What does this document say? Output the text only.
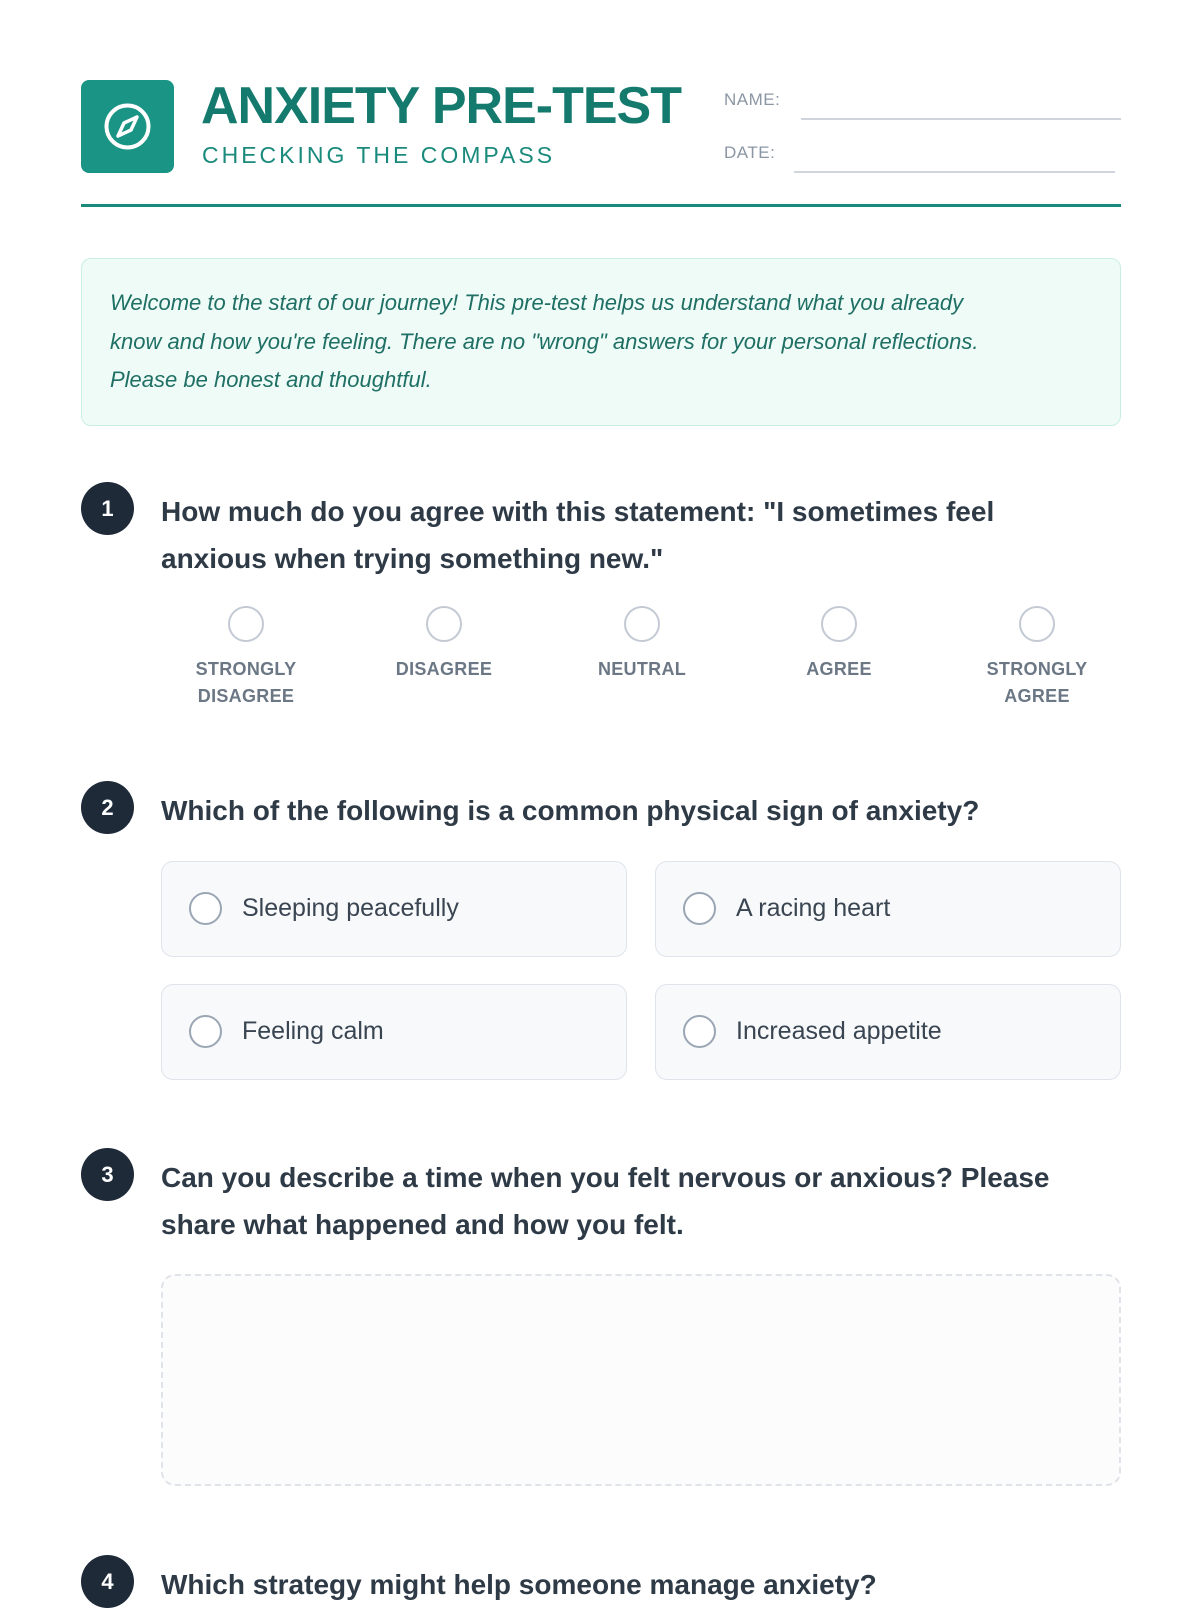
ANXIETY PRE-TEST
CHECKING THE COMPASS
NAME:
DATE:

Welcome to the start of our journey! This pre-test helps us understand what you already
know and how you're feeling. There are no "wrong" answers for your personal reflections.
Please be honest and thoughtful.

1	How much do you agree with this statement: "I sometimes feel
anxious when trying something new."
STRONGLY
DISAGREE
DISAGREE	NEUTRAL	AGREE	STRONGLY
AGREE
2	Which of the following is a common physical sign of anxiety?
Sleeping peacefully	A racing heart
Feeling calm	Increased appetite
3	Can you describe a time when you felt nervous or anxious? Please
share what happened and how you felt.
4	Which strategy might help someone manage anxiety?
